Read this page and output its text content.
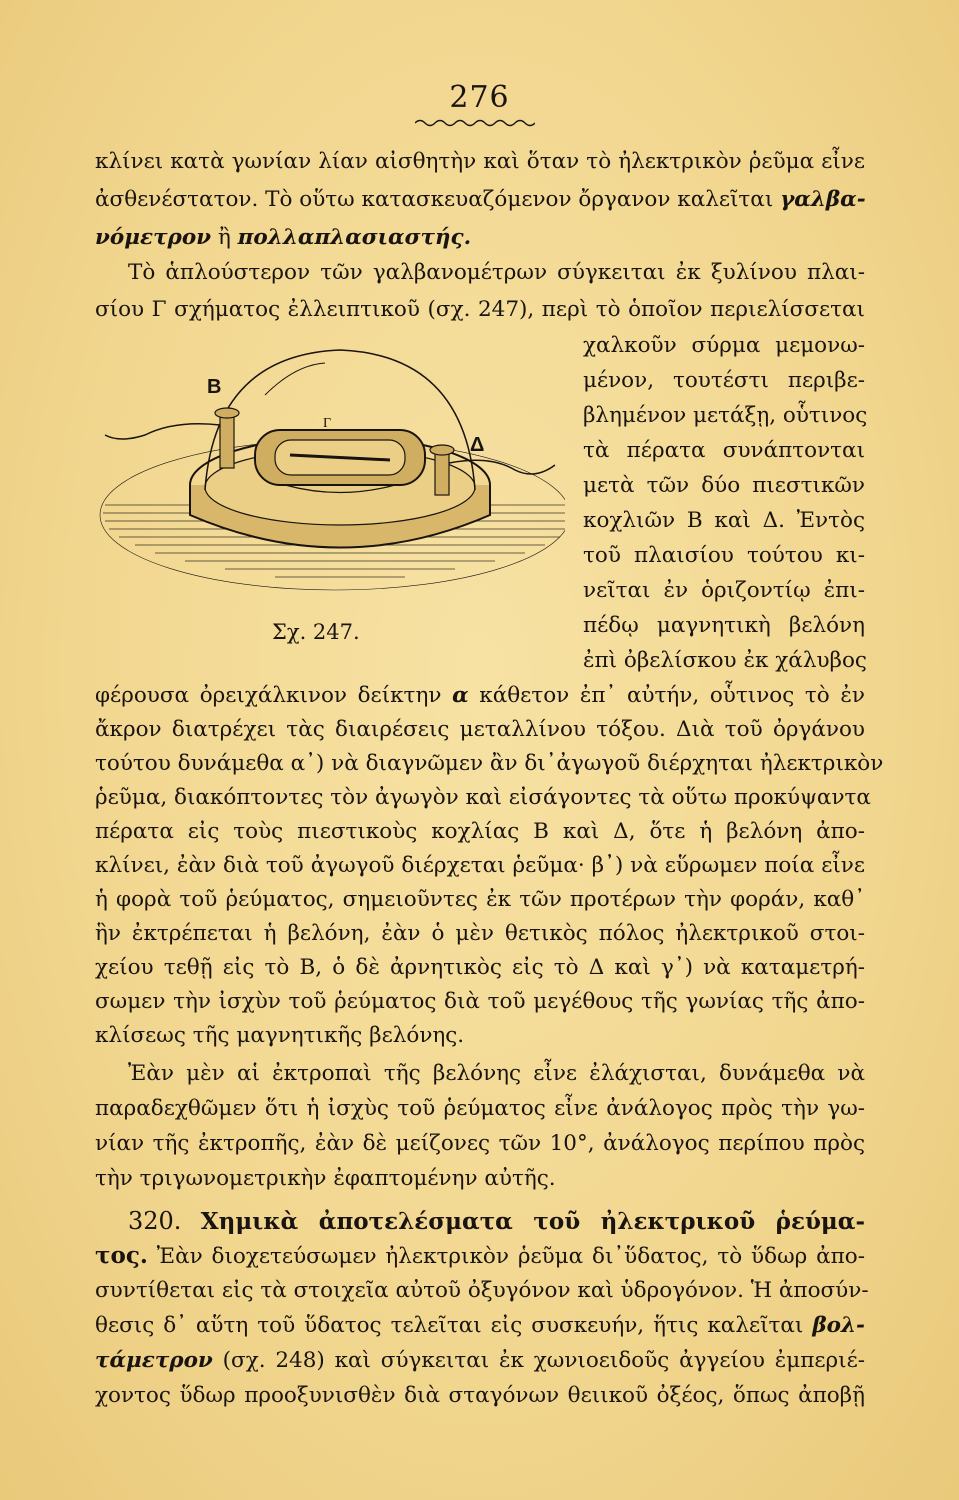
276
κλίνει κατὰ γωνίαν λίαν αἰσθητὴν καὶ ὅταν τὸ ἠλεκτρικὸν ῥεῦμα εἶνε
ἀσθενέστατον. Τὸ οὕτω κατασκευαζόμενον ὄργανον καλεῖται γαλβα-
νόμετρον ἢ πολλαπλασιαστής.
Τὸ ἁπλούστερον τῶν γαλβανομέτρων σύγκειται ἐκ ξυλίνου πλαι-
σίου Γ σχήματος ἐλλειπτικοῦ (σχ. 247), περὶ τὸ ὁποῖον περιελίσσεται
Β
Γ
Δ
Σχ. 247.
χαλκοῦν σύρμα μεμονω-
μένον, τουτέστι περιβε-
βλημένον μετάξῃ, οὗτινος
τὰ πέρατα συνάπτονται
μετὰ τῶν δύο πιεστικῶν
κοχλιῶν Β καὶ Δ. Ἐντὸς
τοῦ πλαισίου τούτου κι-
νεῖται ἐν ὁριζοντίῳ ἐπι-
πέδῳ μαγνητικὴ βελόνη
ἐπὶ ὀβελίσκου ἐκ χάλυβος
φέρουσα ὀρειχάλκινον δείκτην α κάθετον ἐπ᾽ αὐτήν, οὗτινος τὸ ἐν
ἄκρον διατρέχει τὰς διαιρέσεις μεταλλίνου τόξου. Διὰ τοῦ ὀργάνου
τούτου δυνάμεθα α᾽) νὰ διαγνῶμεν ἂν δι᾽ἀγωγοῦ διέρχηται ἠλεκτρικὸν
ῥεῦμα, διακόπτοντες τὸν ἀγωγὸν καὶ εἰσάγοντες τὰ οὕτω προκύψαντα
πέρατα εἰς τοὺς πιεστικοὺς κοχλίας Β καὶ Δ, ὅτε ἡ βελόνη ἀπο-
κλίνει, ἐὰν διὰ τοῦ ἀγωγοῦ διέρχεται ῥεῦμα· β᾽) νὰ εὕρωμεν ποία εἶνε
ἡ φορὰ τοῦ ῥεύματος, σημειοῦντες ἐκ τῶν προτέρων τὴν φοράν, καθ᾽
ἣν ἐκτρέπεται ἡ βελόνη, ἐὰν ὁ μὲν θετικὸς πόλος ἠλεκτρικοῦ στοι-
χείου τεθῇ εἰς τὸ Β, ὁ δὲ ἀρνητικὸς εἰς τὸ Δ καὶ γ᾽) νὰ καταμετρή-
σωμεν τὴν ἰσχὺν τοῦ ῥεύματος διὰ τοῦ μεγέθους τῆς γωνίας τῆς ἀπο-
κλίσεως τῆς μαγνητικῆς βελόνης.
Ἐὰν μὲν αἱ ἐκτροπαὶ τῆς βελόνης εἶνε ἐλάχισται, δυνάμεθα νὰ
παραδεχθῶμεν ὅτι ἡ ἰσχὺς τοῦ ῥεύματος εἶνε ἀνάλογος πρὸς τὴν γω-
νίαν τῆς ἐκτροπῆς, ἐὰν δὲ μείζονες τῶν 10°, ἀνάλογος περίπου πρὸς
τὴν τριγωνομετρικὴν ἐφαπτομένην αὐτῆς.
320. Χημικὰ ἀποτελέσματα τοῦ ἠλεκτρικοῦ ῥεύμα-
τος. Ἐὰν διοχετεύσωμεν ἠλεκτρικὸν ῥεῦμα δι᾽ὕδατος, τὸ ὕδωρ ἀπο-
συντίθεται εἰς τὰ στοιχεῖα αὐτοῦ ὀξυγόνον καὶ ὑδρογόνον. Ἡ ἀποσύν-
θεσις δ᾽ αὕτη τοῦ ὕδατος τελεῖται εἰς συσκευήν, ἥτις καλεῖται βολ-
τάμετρον (σχ. 248) καὶ σύγκειται ἐκ χωνιοειδοῦς ἀγγείου ἐμπεριέ-
χοντος ὕδωρ προοξυνισθὲν διὰ σταγόνων θειικοῦ ὀξέος, ὅπως ἀποβῇ
